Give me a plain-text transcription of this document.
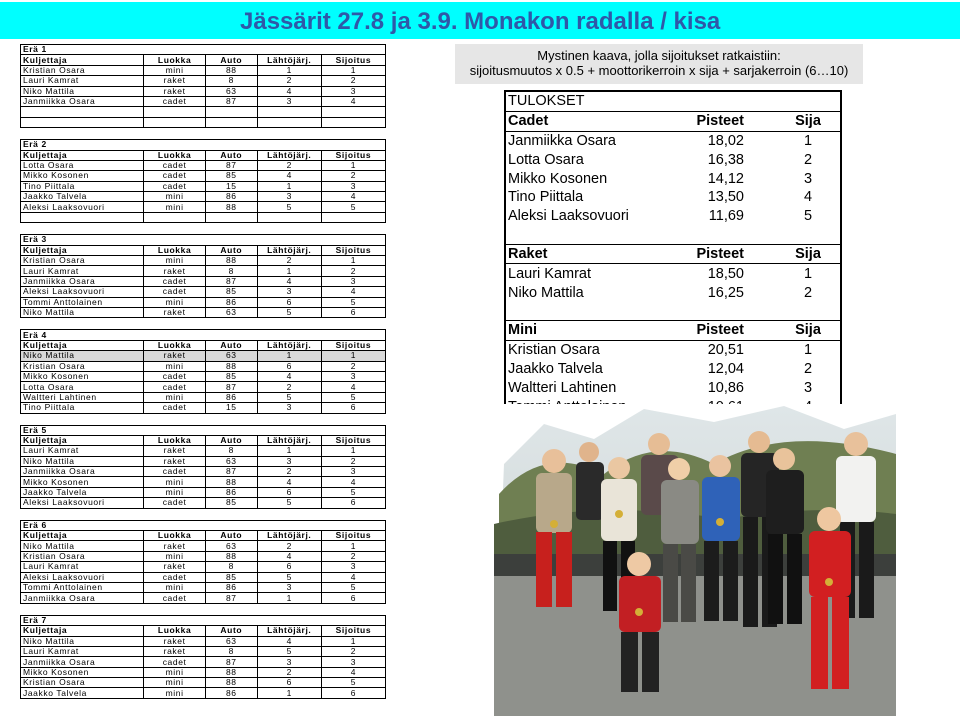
Jässärit 27.8 ja 3.9. Monakon radalla / kisa
Erä 1				
Kuljettaja	Luokka	Auto	Lähtöjärj.	Sijoitus
Kristian Osara	mini	88	1	1
Lauri Kamrat	raket	8	2	2
Niko Mattila	raket	63	4	3
Janmiikka Osara	cadet	87	3	4

Erä 2				
Kuljettaja	Luokka	Auto	Lähtöjärj.	Sijoitus
Lotta Osara	cadet	87	2	1
Mikko Kosonen	cadet	85	4	2
Tino Piittala	cadet	15	1	3
Jaakko Talvela	mini	86	3	4
Aleksi Laaksovuori	mini	88	5	5

Erä 3				
Kuljettaja	Luokka	Auto	Lähtöjärj.	Sijoitus
Kristian Osara	mini	88	2	1
Lauri Kamrat	raket	8	1	2
Janmiikka Osara	cadet	87	4	3
Aleksi Laaksovuori	cadet	85	3	4
Tommi Anttolainen	mini	86	6	5
Niko Mattila	raket	63	5	6
Erä 4				
Kuljettaja	Luokka	Auto	Lähtöjärj.	Sijoitus
Niko Mattila	raket	63	1	1
Kristian Osara	mini	88	6	2
Mikko Kosonen	cadet	85	4	3
Lotta Osara	cadet	87	2	4
Waltteri Lahtinen	mini	86	5	5
Tino Piittala	cadet	15	3	6
Erä 5				
Kuljettaja	Luokka	Auto	Lähtöjärj.	Sijoitus
Lauri Kamrat	raket	8	1	1
Niko Mattila	raket	63	3	2
Janmiikka Osara	cadet	87	2	3
Mikko Kosonen	mini	88	4	4
Jaakko Talvela	mini	86	6	5
Aleksi Laaksovuori	cadet	85	5	6
Erä 6				
Kuljettaja	Luokka	Auto	Lähtöjärj.	Sijoitus
Niko Mattila	raket	63	2	1
Kristian Osara	mini	88	4	2
Lauri Kamrat	raket	8	6	3
Aleksi Laaksovuori	cadet	85	5	4
Tommi Anttolainen	mini	86	3	5
Janmiikka Osara	cadet	87	1	6
Erä 7				
Kuljettaja	Luokka	Auto	Lähtöjärj.	Sijoitus
Niko Mattila	raket	63	4	1
Lauri Kamrat	raket	8	5	2
Janmiikka Osara	cadet	87	3	3
Mikko Kosonen	mini	88	2	4
Kristian Osara	mini	88	6	5
Jaakko Talvela	mini	86	1	6
Mystinen kaava, jolla sijoitukset ratkaistiin:
sijoitusmuutos x 0.5 + moottorikerroin x sija + sarjakerroin (6…10)
TULOKSET		
Cadet	Pisteet	Sija
Janmiikka Osara	18,02	1
Lotta Osara	16,38	2
Mikko Kosonen	14,12	3
Tino Piittala	13,50	4
Aleksi Laaksovuori	11,69	5

Raket	Pisteet	Sija
Lauri Kamrat	18,50	1
Niko Mattila	16,25	2

Mini	Pisteet	Sija
Kristian Osara	20,51	1
Jaakko Talvela	12,04	2
Waltteri Lahtinen	10,86	3
